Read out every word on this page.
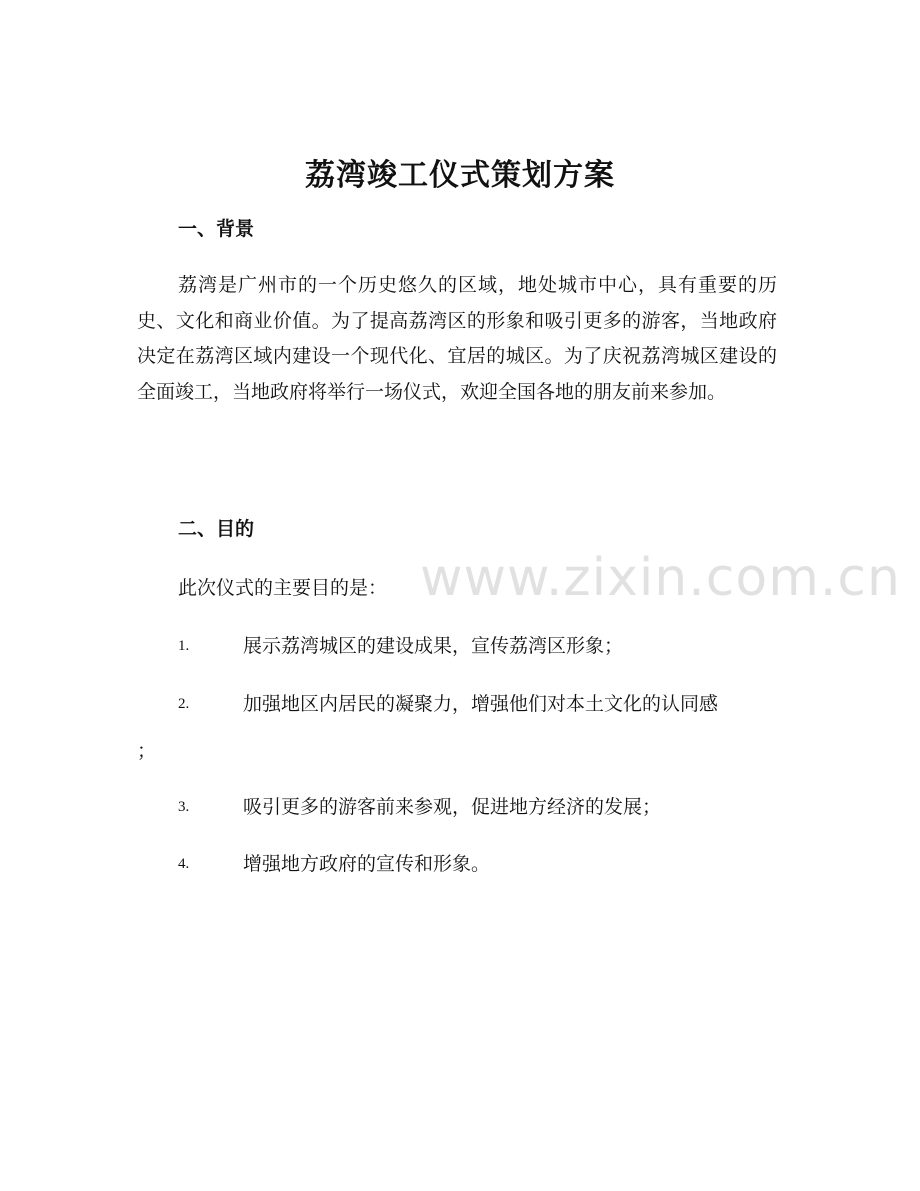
荔湾竣工仪式策划方案
一、背景

荔湾是广州市的一个历史悠久的区域，地处城市中心，具有重要的历史、文化和商业价值。为了提高荔湾区的形象和吸引更多的游客，当地政府决定在荔湾区域内建设一个现代化、宜居的城区。为了庆祝荔湾城区建设的全面竣工，当地政府将举行一场仪式，欢迎全国各地的朋友前来参加。

二、目的
此次仪式的主要目的是：
1.	展示荔湾城区的建设成果，宣传荔湾区形象；
2.	加强地区内居民的凝聚力，增强他们对本土文化的认同感
；
3.	吸引更多的游客前来参观，促进地方经济的发展；
4.	增强地方政府的宣传和形象。
www.zixin.com.cn
